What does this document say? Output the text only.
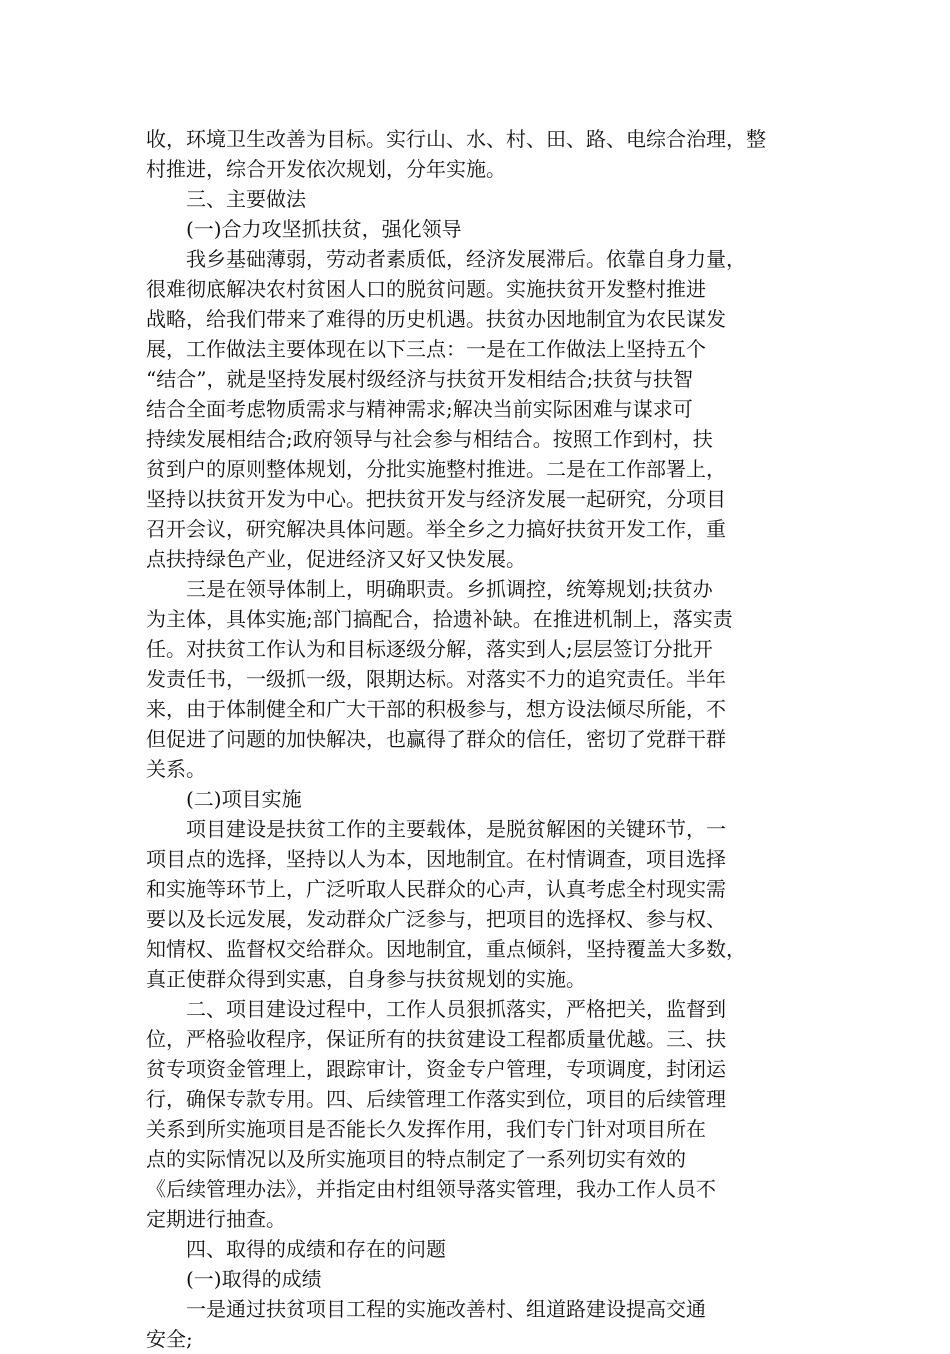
收，环境卫生改善为目标。实行山、水、村、田、路、电综合治理，整
村推进，综合开发依次规划，分年实施。

三、主要做法

(一)合力攻坚抓扶贫，强化领导

我乡基础薄弱，劳动者素质低，经济发展滞后。依靠自身力量，
很难彻底解决农村贫困人口的脱贫问题。实施扶贫开发整村推进
战略，给我们带来了难得的历史机遇。扶贫办因地制宜为农民谋发
展，工作做法主要体现在以下三点：一是在工作做法上坚持五个
“结合”，就是坚持发展村级经济与扶贫开发相结合;扶贫与扶智
结合全面考虑物质需求与精神需求;解决当前实际困难与谋求可
持续发展相结合;政府领导与社会参与相结合。按照工作到村，扶
贫到户的原则整体规划，分批实施整村推进。二是在工作部署上，
坚持以扶贫开发为中心。把扶贫开发与经济发展一起研究，分项目
召开会议，研究解决具体问题。举全乡之力搞好扶贫开发工作，重
点扶持绿色产业，促进经济又好又快发展。

三是在领导体制上，明确职责。乡抓调控，统筹规划;扶贫办
为主体，具体实施;部门搞配合，拾遗补缺。在推进机制上，落实责
任。对扶贫工作认为和目标逐级分解，落实到人;层层签订分批开
发责任书，一级抓一级，限期达标。对落实不力的追究责任。半年
来，由于体制健全和广大干部的积极参与，想方设法倾尽所能，不
但促进了问题的加快解决，也赢得了群众的信任，密切了党群干群
关系。

(二)项目实施

项目建设是扶贫工作的主要载体，是脱贫解困的关键环节，一
项目点的选择，坚持以人为本，因地制宜。在村情调查，项目选择
和实施等环节上，广泛听取人民群众的心声，认真考虑全村现实需
要以及长远发展，发动群众广泛参与，把项目的选择权、参与权、
知情权、监督权交给群众。因地制宜，重点倾斜，坚持覆盖大多数，
真正使群众得到实惠，自身参与扶贫规划的实施。

二、项目建设过程中，工作人员狠抓落实，严格把关，监督到
位，严格验收程序，保证所有的扶贫建设工程都质量优越。三、扶
贫专项资金管理上，跟踪审计，资金专户管理，专项调度，封闭运
行，确保专款专用。四、后续管理工作落实到位，项目的后续管理
关系到所实施项目是否能长久发挥作用，我们专门针对项目所在
点的实际情况以及所实施项目的特点制定了一系列切实有效的
《后续管理办法》，并指定由村组领导落实管理，我办工作人员不
定期进行抽查。

四、取得的成绩和存在的问题

(一)取得的成绩

一是通过扶贫项目工程的实施改善村、组道路建设提高交通
安全;
